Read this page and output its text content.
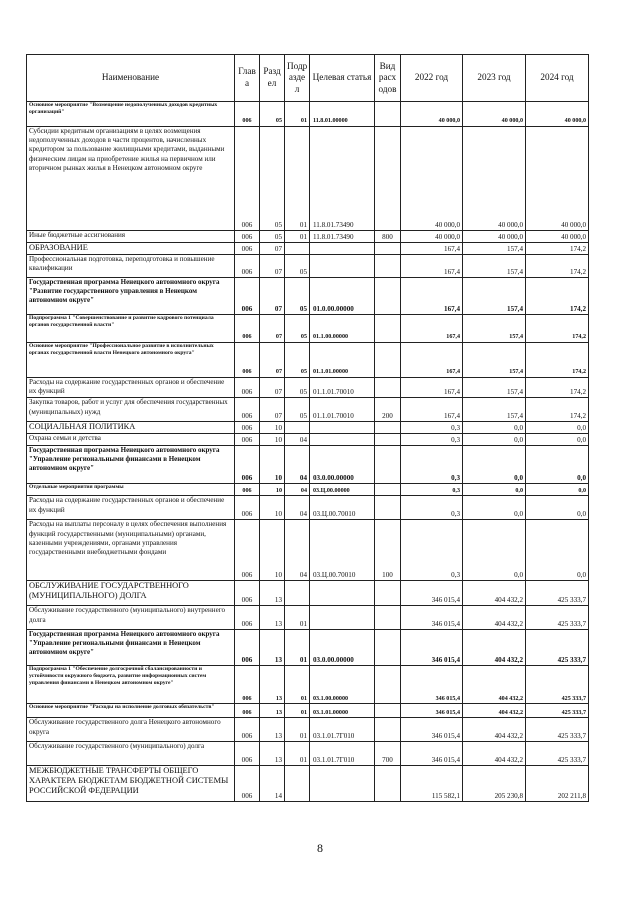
Наименование	Глав а	Разд ел	Подр азде л	Целевая статья	Вид расх одов	2022 год	2023 год	2024 год
Основное мероприятие "Возмещение недополученных доходов кредитных организаций"	006	05	01	11.8.01.00000		40 000,0	40 000,0	40 000,0
Субсидии кредитным организациям в целях возмещения недополученных доходов в части процентов, начисленных кредитором за пользование жилищными кредитами, выданными физическим лицам на приобретение жилья на первичном или вторичном рынках жилья в Ненецком автономном округе	006	05	01	11.8.01.73490		40 000,0	40 000,0	40 000,0
Иные бюджетные ассигнования	006	05	01	11.8.01.73490	800	40 000,0	40 000,0	40 000,0
ОБРАЗОВАНИЕ	006	07				167,4	157,4	174,2
Профессиональная подготовка, переподготовка и повышение квалификации	006	07	05			167,4	157,4	174,2
Государственная программа Ненецкого автономного округа "Развитие государственного управления в Ненецком автономном округе"	006	07	05	01.0.00.00000		167,4	157,4	174,2
Подпрограмма 1 "Совершенствование и развитие кадрового потенциала органов государственной власти"	006	07	05	01.1.00.00000		167,4	157,4	174,2
Основное мероприятие "Профессиональное развитие в исполнительных органах государственной власти Ненецкого автономного округа"	006	07	05	01.1.01.00000		167,4	157,4	174,2
Расходы на содержание государственных органов и обеспечение их функций	006	07	05	01.1.01.70010		167,4	157,4	174,2
Закупка товаров, работ и услуг для обеспечения государственных (муниципальных) нужд	006	07	05	01.1.01.70010	200	167,4	157,4	174,2
СОЦИАЛЬНАЯ ПОЛИТИКА	006	10				0,3	0,0	0,0
Охрана семьи и детства	006	10	04			0,3	0,0	0,0
Государственная программа Ненецкого автономного округа "Управление региональными финансами в Ненецком автономном округе"	006	10	04	03.0.00.00000		0,3	0,0	0,0
Отдельные мероприятия программы	006	10	04	03.Ц.00.00000		0,3	0,0	0,0
Расходы на содержание государственных органов и обеспечение их функций	006	10	04	03.Ц.00.70010		0,3	0,0	0,0
Расходы на выплаты персоналу в целях обеспечения выполнения функций государственными (муниципальными) органами, казенными учреждениями, органами управления государственными внебюджетными фондами	006	10	04	03.Ц.00.70010	100	0,3	0,0	0,0
ОБСЛУЖИВАНИЕ ГОСУДАРСТВЕННОГО (МУНИЦИПАЛЬНОГО) ДОЛГА	006	13				346 015,4	404 432,2	425 333,7
Обслуживание государственного (муниципального) внутреннего долга	006	13	01			346 015,4	404 432,2	425 333,7
Государственная программа Ненецкого автономного округа "Управление региональными финансами в Ненецком автономном округе"	006	13	01	03.0.00.00000		346 015,4	404 432,2	425 333,7
Подпрограмма 1 "Обеспечение долгосрочной сбалансированности и устойчивости окружного бюджета, развитие информационных систем управления финансами в Ненецком автономном округе"	006	13	01	03.1.00.00000		346 015,4	404 432,2	425 333,7
Основное мероприятие "Расходы на исполнение долговых обязательств"	006	13	01	03.1.01.00000		346 015,4	404 432,2	425 333,7
Обслуживание государственного долга Ненецкого автономного округа	006	13	01	03.1.01.7Г010		346 015,4	404 432,2	425 333,7
Обслуживание государственного (муниципального) долга	006	13	01	03.1.01.7Г010	700	346 015,4	404 432,2	425 333,7
МЕЖБЮДЖЕТНЫЕ ТРАНСФЕРТЫ ОБЩЕГО ХАРАКТЕРА БЮДЖЕТАМ БЮДЖЕТНОЙ СИСТЕМЫ РОССИЙСКОЙ ФЕДЕРАЦИИ	006	14				115 582,1	205 230,8	202 211,8
8
